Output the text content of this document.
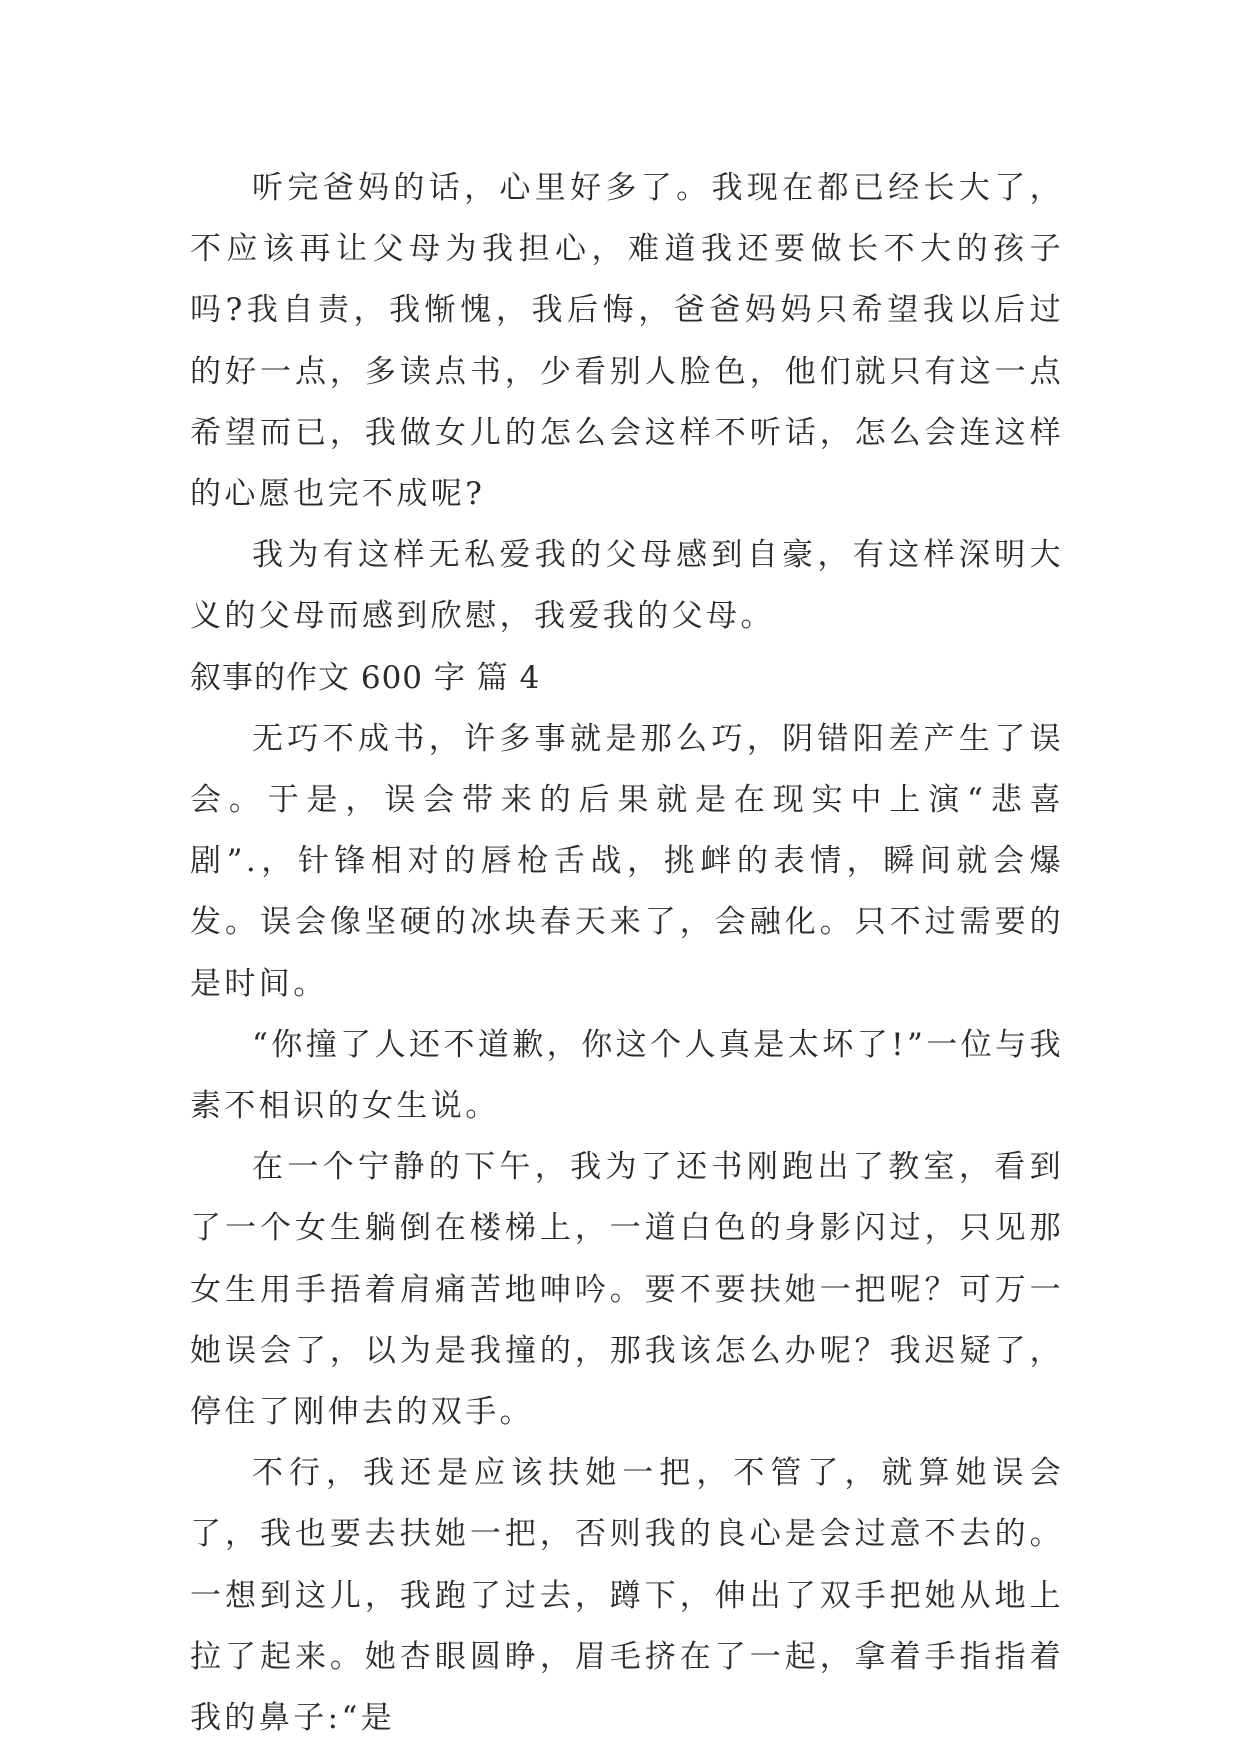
听完爸妈的话，心里好多了。我现在都已经长大了，不应该再让父母为我担心，难道我还要做长不大的孩子吗?我自责，我惭愧，我后悔，爸爸妈妈只希望我以后过的好一点，多读点书，少看别人脸色，他们就只有这一点希望而已，我做女儿的怎么会这样不听话，怎么会连这样的心愿也完不成呢?

我为有这样无私爱我的父母感到自豪，有这样深明大义的父母而感到欣慰，我爱我的父母。

叙事的作文 600 字 篇 4

无巧不成书，许多事就是那么巧，阴错阳差产生了误会。于是，误会带来的后果就是在现实中上演“悲喜剧”.，针锋相对的唇枪舌战，挑衅的表情，瞬间就会爆发。误会像坚硬的冰块春天来了，会融化。只不过需要的是时间。

“你撞了人还不道歉，你这个人真是太坏了!”一位与我素不相识的女生说。

在一个宁静的下午，我为了还书刚跑出了教室，看到了一个女生躺倒在楼梯上，一道白色的身影闪过，只见那女生用手捂着肩痛苦地呻吟。要不要扶她一把呢？可万一她误会了，以为是我撞的，那我该怎么办呢？我迟疑了，停住了刚伸去的双手。

不行，我还是应该扶她一把，不管了，就算她误会了，我也要去扶她一把，否则我的良心是会过意不去的。一想到这儿，我跑了过去，蹲下，伸出了双手把她从地上拉了起来。她杏眼圆睁，眉毛挤在了一起，拿着手指指着我的鼻子:“是
